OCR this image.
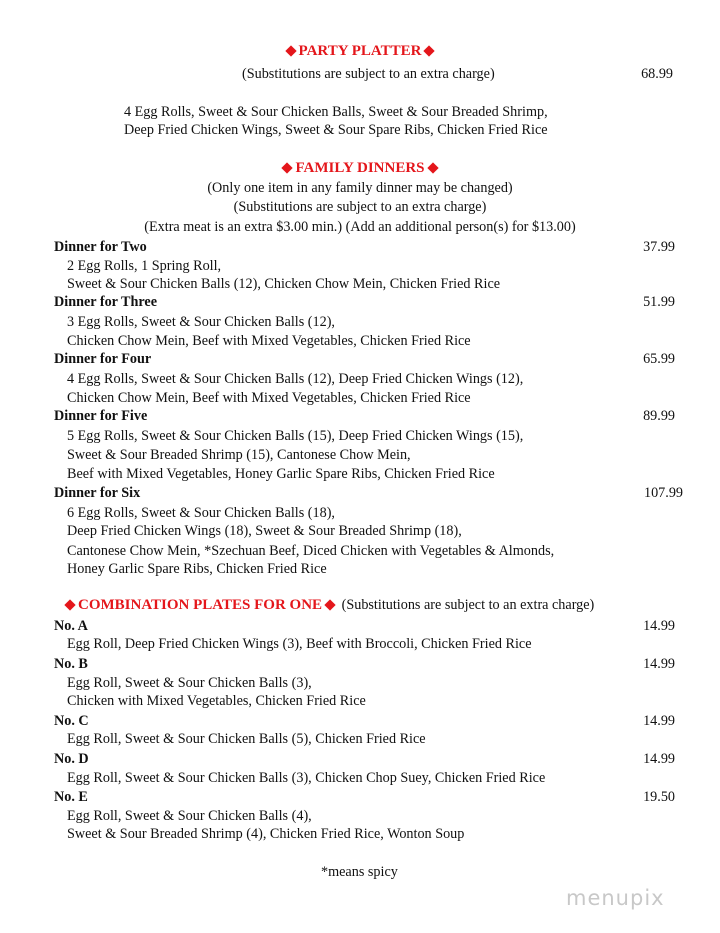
PARTY PLATTER
(Substitutions are subject to an extra charge)	68.99
4 Egg Rolls, Sweet & Sour Chicken Balls, Sweet & Sour Breaded Shrimp,
Deep Fried Chicken Wings, Sweet & Sour Spare Ribs, Chicken Fried Rice
FAMILY DINNERS
(Only one item in any family dinner may be changed)
(Substitutions are subject to an extra charge)
(Extra meat is an extra $3.00 min.) (Add an additional person(s) for $13.00)
Dinner for Two	37.99
2 Egg Rolls, 1 Spring Roll,
Sweet & Sour Chicken Balls (12), Chicken Chow Mein, Chicken Fried Rice
Dinner for Three	51.99
3 Egg Rolls, Sweet & Sour Chicken Balls (12),
Chicken Chow Mein, Beef with Mixed Vegetables, Chicken Fried Rice
Dinner for Four	65.99
4 Egg Rolls, Sweet & Sour Chicken Balls (12), Deep Fried Chicken Wings (12),
Chicken Chow Mein, Beef with Mixed Vegetables, Chicken Fried Rice
Dinner for Five	89.99
5 Egg Rolls, Sweet & Sour Chicken Balls (15), Deep Fried Chicken Wings (15),
Sweet & Sour Breaded Shrimp (15), Cantonese Chow Mein,
Beef with Mixed Vegetables, Honey Garlic Spare Ribs, Chicken Fried Rice
Dinner for Six	107.99
6 Egg Rolls, Sweet & Sour Chicken Balls (18),
Deep Fried Chicken Wings (18), Sweet & Sour Breaded Shrimp (18),
Cantonese Chow Mein, *Szechuan Beef, Diced Chicken with Vegetables & Almonds,
Honey Garlic Spare Ribs, Chicken Fried Rice
COMBINATION PLATES FOR ONE (Substitutions are subject to an extra charge)
No. A	14.99
Egg Roll, Deep Fried Chicken Wings (3), Beef with Broccoli, Chicken Fried Rice
No. B	14.99
Egg Roll, Sweet & Sour Chicken Balls (3),
Chicken with Mixed Vegetables, Chicken Fried Rice
No. C	14.99
Egg Roll, Sweet & Sour Chicken Balls (5), Chicken Fried Rice
No. D	14.99
Egg Roll, Sweet & Sour Chicken Balls (3), Chicken Chop Suey, Chicken Fried Rice
No. E	19.50
Egg Roll, Sweet & Sour Chicken Balls (4),
Sweet & Sour Breaded Shrimp (4), Chicken Fried Rice, Wonton Soup
*means spicy
menupix
